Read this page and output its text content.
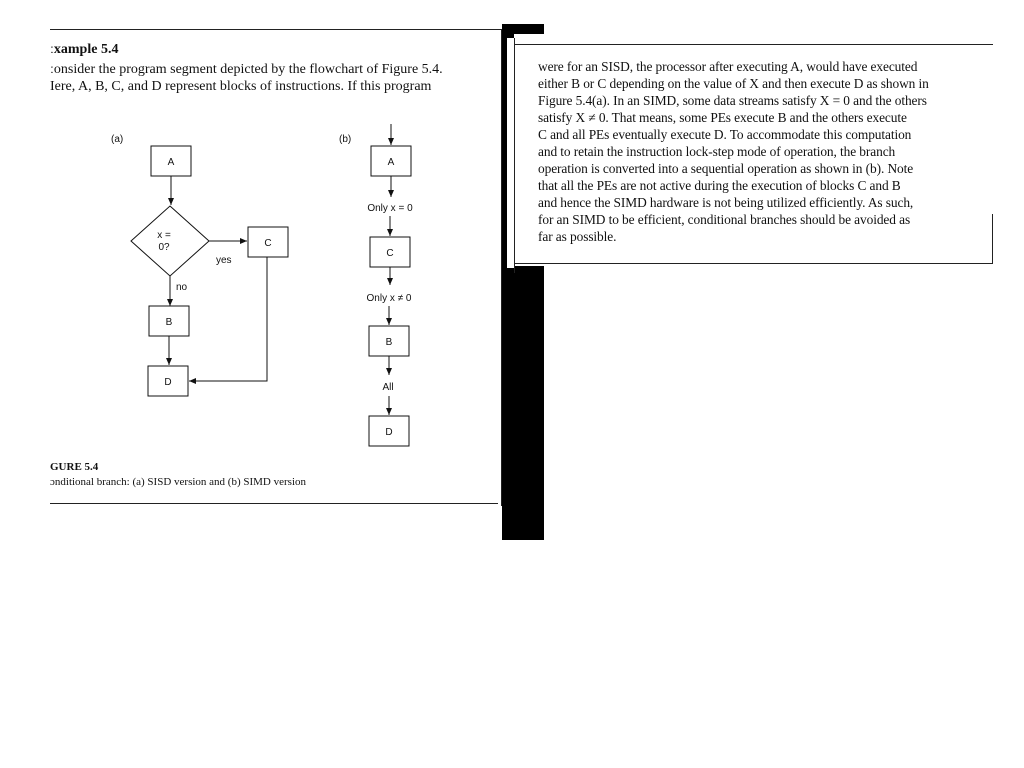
ːxample 5.4
ːonsider the program segment depicted by the flowchart of Figure 5.4.
Iere, A, B, C, and D represent blocks of instructions. If this program
(a)
A
x =
0?
yes
C
no
B
D
(b)
A
Only x = 0
C
Only x ≠ 0
B
All
D
GURE 5.4
ɔnditional branch: (a) SISD version and (b) SIMD version
were for an SISD, the processor after executing A, would have executed
either B or C depending on the value of X and then execute D as shown in
Figure 5.4(a). In an SIMD, some data streams satisfy X = 0 and the others
satisfy X ≠ 0. That means, some PEs execute B and the others execute
C and all PEs eventually execute D. To accommodate this computation
and to retain the instruction lock-step mode of operation, the branch
operation is converted into a sequential operation as shown in (b). Note
that all the PEs are not active during the execution of blocks C and B
and hence the SIMD hardware is not being utilized efficiently. As such,
for an SIMD to be efficient, conditional branches should be avoided as
far as possible.
